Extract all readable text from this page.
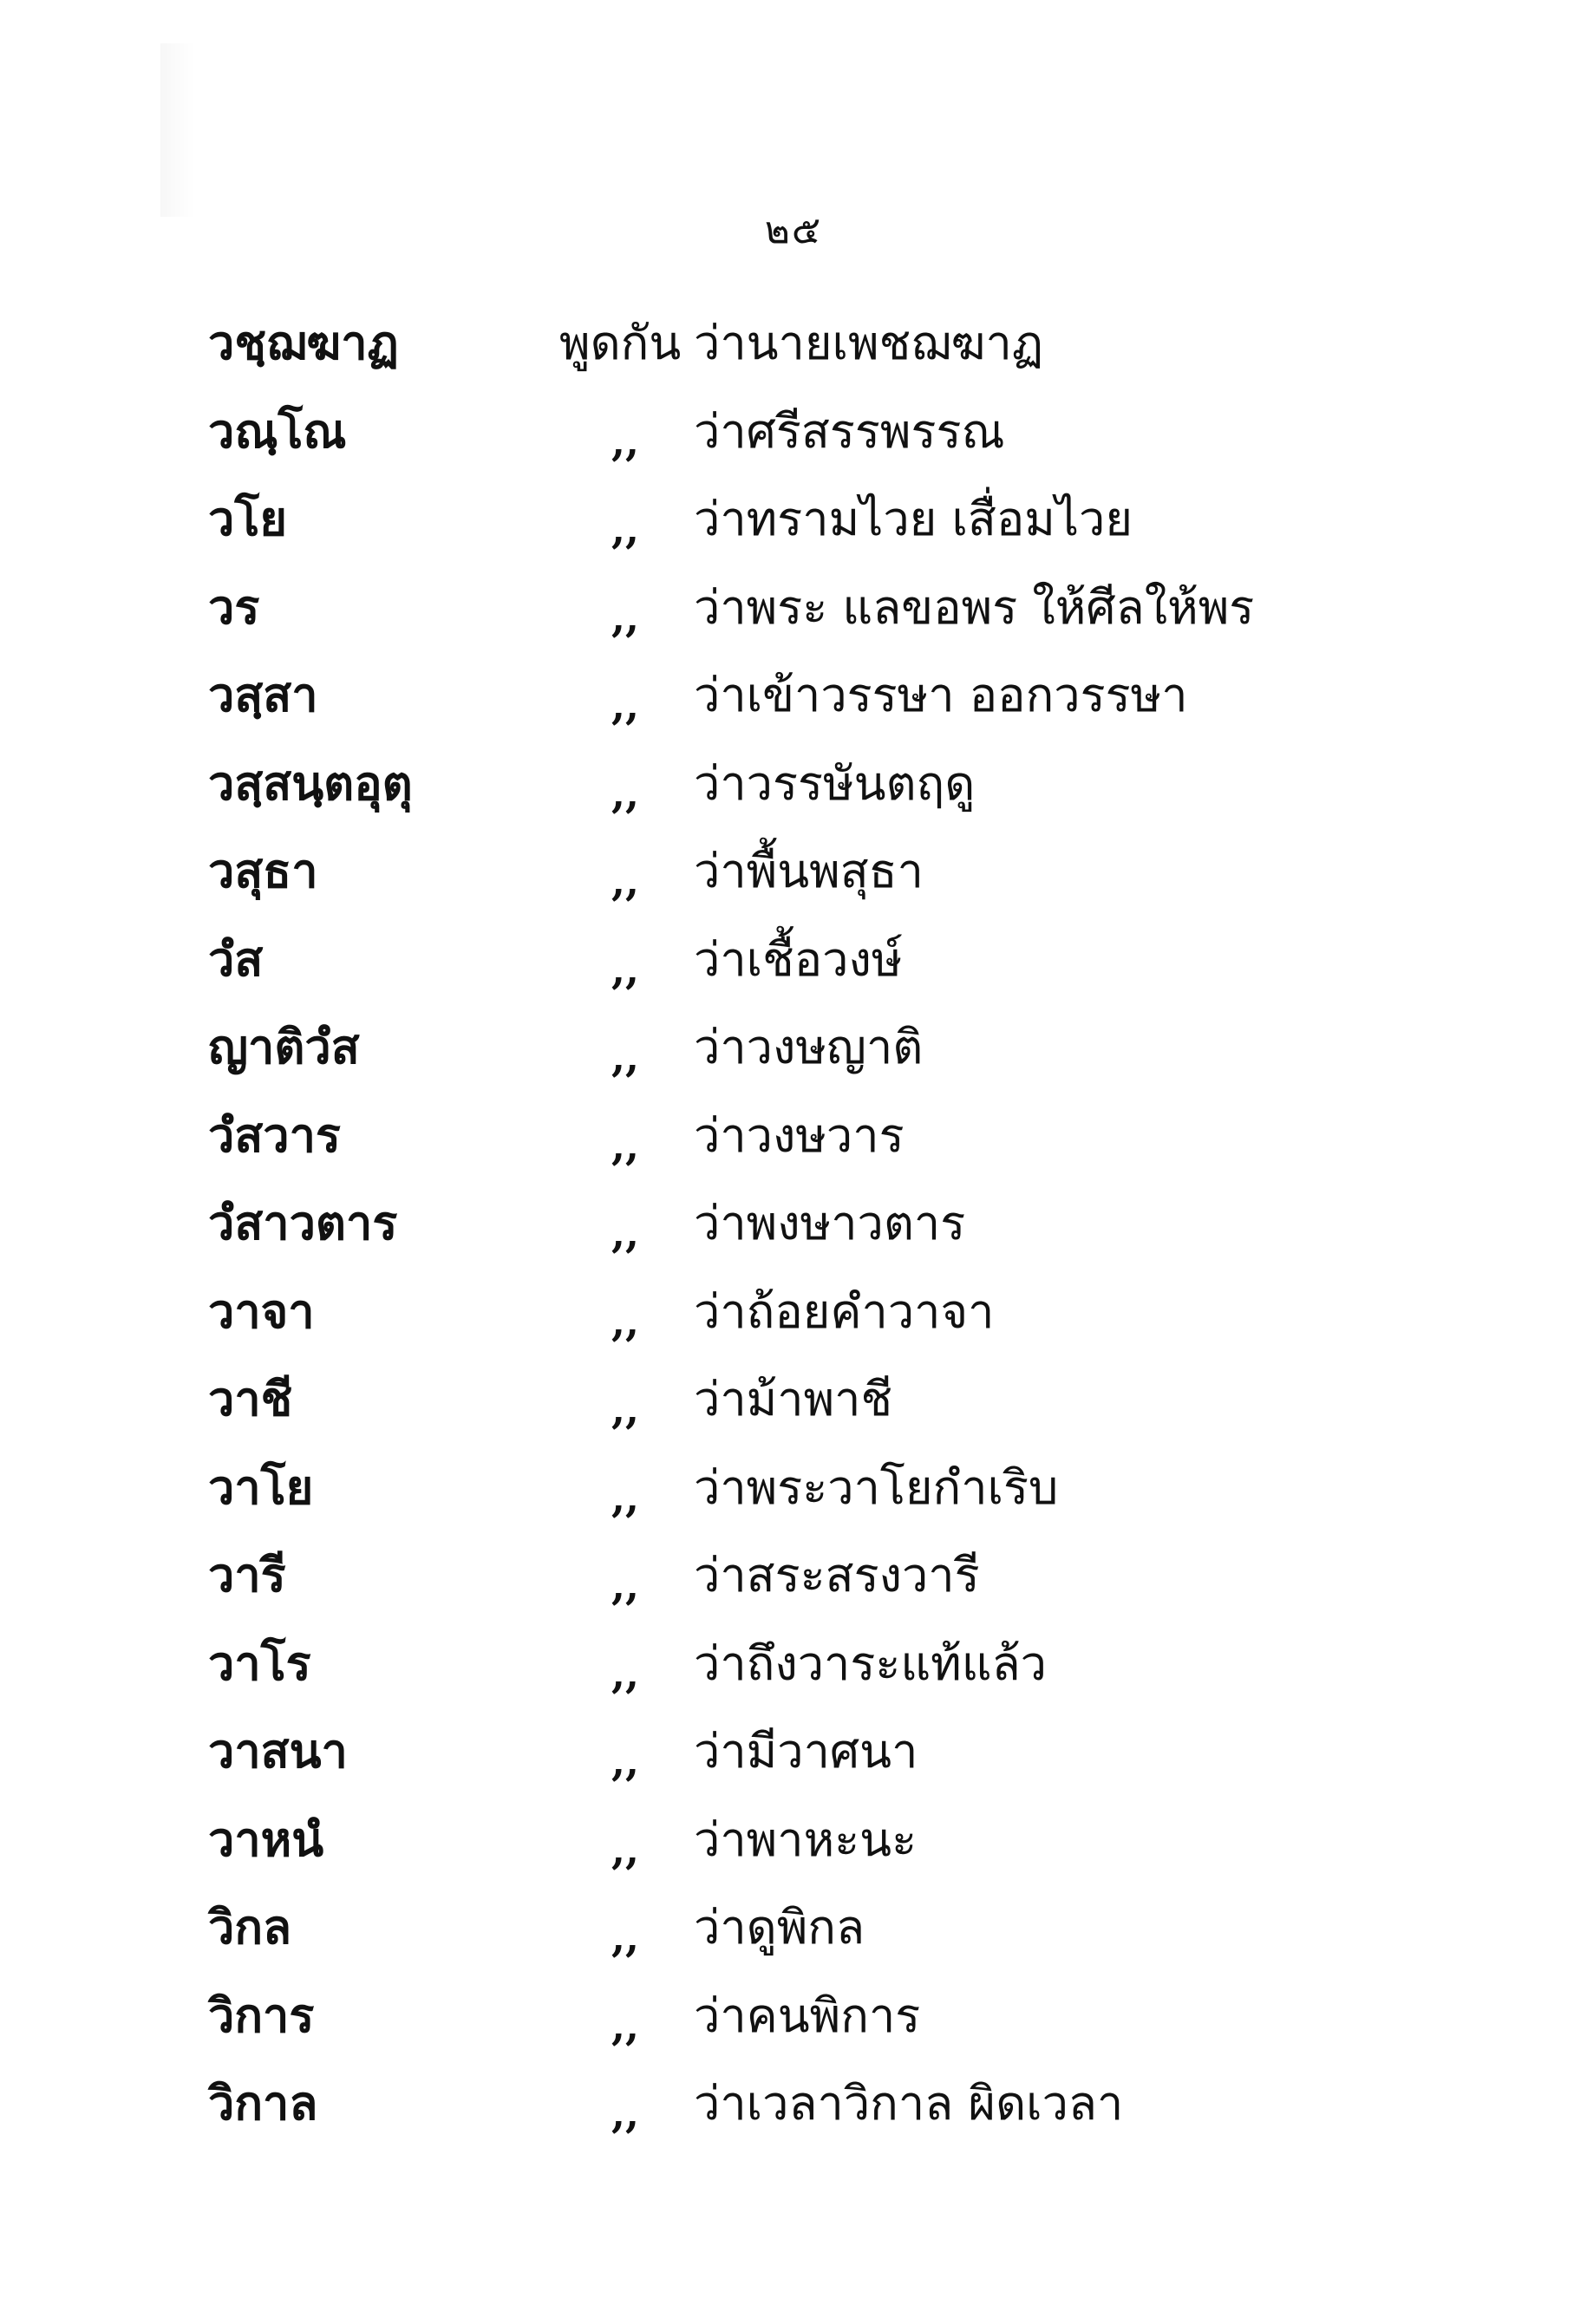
๒๕
วชฺฌฆาฏ	พูดกัน ว่านายเพชฌฆาฏ
วณฺโณ	,, ว่าศรีสรรพรรณ
วโย	,, ว่าทรามไวย เสื่อมไวย
วร	,, ว่าพระ แลขอพร ให้ศีลให้พร
วสฺสา	,, ว่าเข้าวรรษา ออกวรรษา
วสฺสนฺตอุตุ	,, ว่าวรรษันตฤดู
วสุธา	,, ว่าพื้นพสุธา
วํส	,, ว่าเชื้อวงษ์
ญาติวํส	,, ว่าวงษญาติ
วํสวาร	,, ว่าวงษวาร
วํสาวตาร	,, ว่าพงษาวตาร
วาจา	,, ว่าถ้อยคำวาจา
วาชี	,, ว่าม้าพาชี
วาโย	,, ว่าพระวาโยกำเริบ
วารี	,, ว่าสระสรงวารี
วาโร	,, ว่าถึงวาระแท้แล้ว
วาสนา	,, ว่ามีวาศนา
วาหนํ	,, ว่าพาหะนะ
วิกล	,, ว่าดูพิกล
วิการ	,, ว่าคนพิการ
วิกาล	,, ว่าเวลาวิกาล ผิดเวลา
